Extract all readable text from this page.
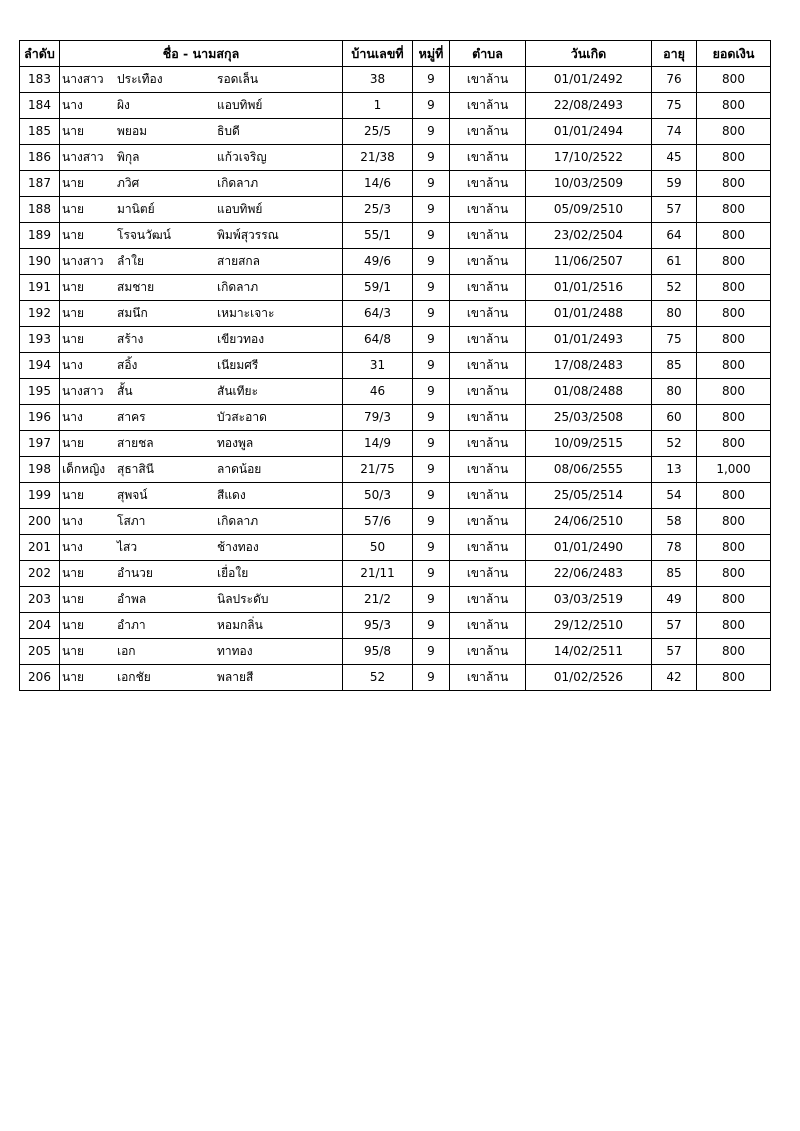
ลำดับ	ชื่อ - นามสกุล	บ้านเลขที่	หมู่ที่	ตำบล	วันเกิด	อายุ	ยอดเงิน
183	นางสาว ประเทือง รอดเล็น	38	9	เขาล้าน	01/01/2492	76	800
184	นาง ผิง แอบทิพย์	1	9	เขาล้าน	22/08/2493	75	800
185	นาย พยอม ธิบดี	25/5	9	เขาล้าน	01/01/2494	74	800
186	นางสาว พิกุล แก้วเจริญ	21/38	9	เขาล้าน	17/10/2522	45	800
187	นาย ภวิศ เกิดลาภ	14/6	9	เขาล้าน	10/03/2509	59	800
188	นาย มานิตย์ แอบทิพย์	25/3	9	เขาล้าน	05/09/2510	57	800
189	นาย โรจนวัฒน์ พิมพ์สุวรรณ	55/1	9	เขาล้าน	23/02/2504	64	800
190	นางสาว ลำใย สายสกล	49/6	9	เขาล้าน	11/06/2507	61	800
191	นาย สมชาย เกิดลาภ	59/1	9	เขาล้าน	01/01/2516	52	800
192	นาย สมนึก เหมาะเจาะ	64/3	9	เขาล้าน	01/01/2488	80	800
193	นาย สร้าง เขียวทอง	64/8	9	เขาล้าน	01/01/2493	75	800
194	นาง สอิ้ง เนียมศรี	31	9	เขาล้าน	17/08/2483	85	800
195	นางสาว สั้น สันเทียะ	46	9	เขาล้าน	01/08/2488	80	800
196	นาง สาคร บัวสะอาด	79/3	9	เขาล้าน	25/03/2508	60	800
197	นาย สายชล ทองพูล	14/9	9	เขาล้าน	10/09/2515	52	800
198	เด็กหญิง สุธาสินี ลาดน้อย	21/75	9	เขาล้าน	08/06/2555	13	1,000
199	นาย สุพจน์ สีแดง	50/3	9	เขาล้าน	25/05/2514	54	800
200	นาง โสภา เกิดลาภ	57/6	9	เขาล้าน	24/06/2510	58	800
201	นาง ไสว ช้างทอง	50	9	เขาล้าน	01/01/2490	78	800
202	นาย อำนวย เยื่อใย	21/11	9	เขาล้าน	22/06/2483	85	800
203	นาย อำพล นิลประดับ	21/2	9	เขาล้าน	03/03/2519	49	800
204	นาย อำภา หอมกลิ่น	95/3	9	เขาล้าน	29/12/2510	57	800
205	นาย เอก ทาทอง	95/8	9	เขาล้าน	14/02/2511	57	800
206	นาย เอกชัย พลายสี	52	9	เขาล้าน	01/02/2526	42	800
